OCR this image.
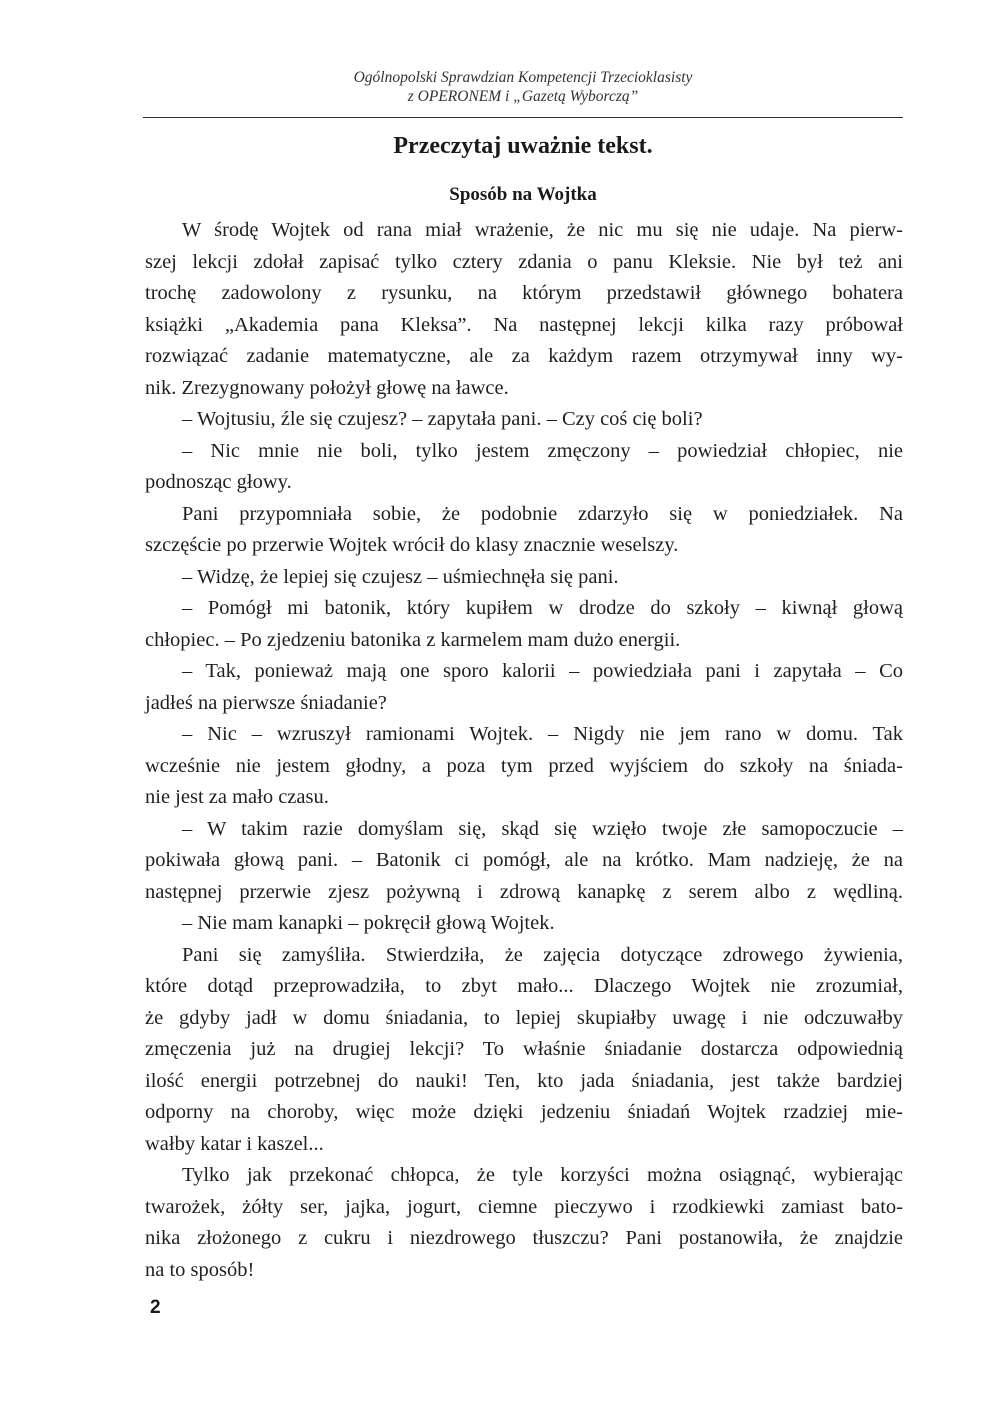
Ogólnopolski Sprawdzian Kompetencji Trzecioklasisty
z OPERONEM i „Gazetą Wyborczą”
Przeczytaj uważnie tekst.
Sposób na Wojtka
W środę Wojtek od rana miał wrażenie, że nic mu się nie udaje. Na pierw-
szej lekcji zdołał zapisać tylko cztery zdania o panu Kleksie. Nie był też ani
trochę zadowolony z rysunku, na którym przedstawił głównego bohatera
książki „Akademia pana Kleksa”. Na następnej lekcji kilka razy próbował
rozwiązać zadanie matematyczne, ale za każdym razem otrzymywał inny wy-
nik. Zrezygnowany położył głowę na ławce.
– Wojtusiu, źle się czujesz? – zapytała pani. – Czy coś cię boli?
– Nic mnie nie boli, tylko jestem zmęczony – powiedział chłopiec, nie
podnosząc głowy.
Pani przypomniała sobie, że podobnie zdarzyło się w poniedziałek. Na
szczęście po przerwie Wojtek wrócił do klasy znacznie weselszy.
– Widzę, że lepiej się czujesz – uśmiechnęła się pani.
– Pomógł mi batonik, który kupiłem w drodze do szkoły – kiwnął głową
chłopiec. – Po zjedzeniu batonika z karmelem mam dużo energii.
– Tak, ponieważ mają one sporo kalorii – powiedziała pani i zapytała – Co
jadłeś na pierwsze śniadanie?
– Nic – wzruszył ramionami Wojtek. – Nigdy nie jem rano w domu. Tak
wcześnie nie jestem głodny, a poza tym przed wyjściem do szkoły na śniada-
nie jest za mało czasu.
– W takim razie domyślam się, skąd się wzięło twoje złe samopoczucie –
pokiwała głową pani. – Batonik ci pomógł, ale na krótko. Mam nadzieję, że na
następnej przerwie zjesz pożywną i zdrową kanapkę z serem albo z wędliną.
– Nie mam kanapki – pokręcił głową Wojtek.
Pani się zamyśliła. Stwierdziła, że zajęcia dotyczące zdrowego żywienia,
które dotąd przeprowadziła, to zbyt mało... Dlaczego Wojtek nie zrozumiał,
że gdyby jadł w domu śniadania, to lepiej skupiałby uwagę i nie odczuwałby
zmęczenia już na drugiej lekcji? To właśnie śniadanie dostarcza odpowiednią
ilość energii potrzebnej do nauki! Ten, kto jada śniadania, jest także bardziej
odporny na choroby, więc może dzięki jedzeniu śniadań Wojtek rzadziej mie-
wałby katar i kaszel...
Tylko jak przekonać chłopca, że tyle korzyści można osiągnąć, wybierając
twarożek, żółty ser, jajka, jogurt, ciemne pieczywo i rzodkiewki zamiast bato-
nika złożonego z cukru i niezdrowego tłuszczu? Pani postanowiła, że znajdzie
na to sposób!
2
